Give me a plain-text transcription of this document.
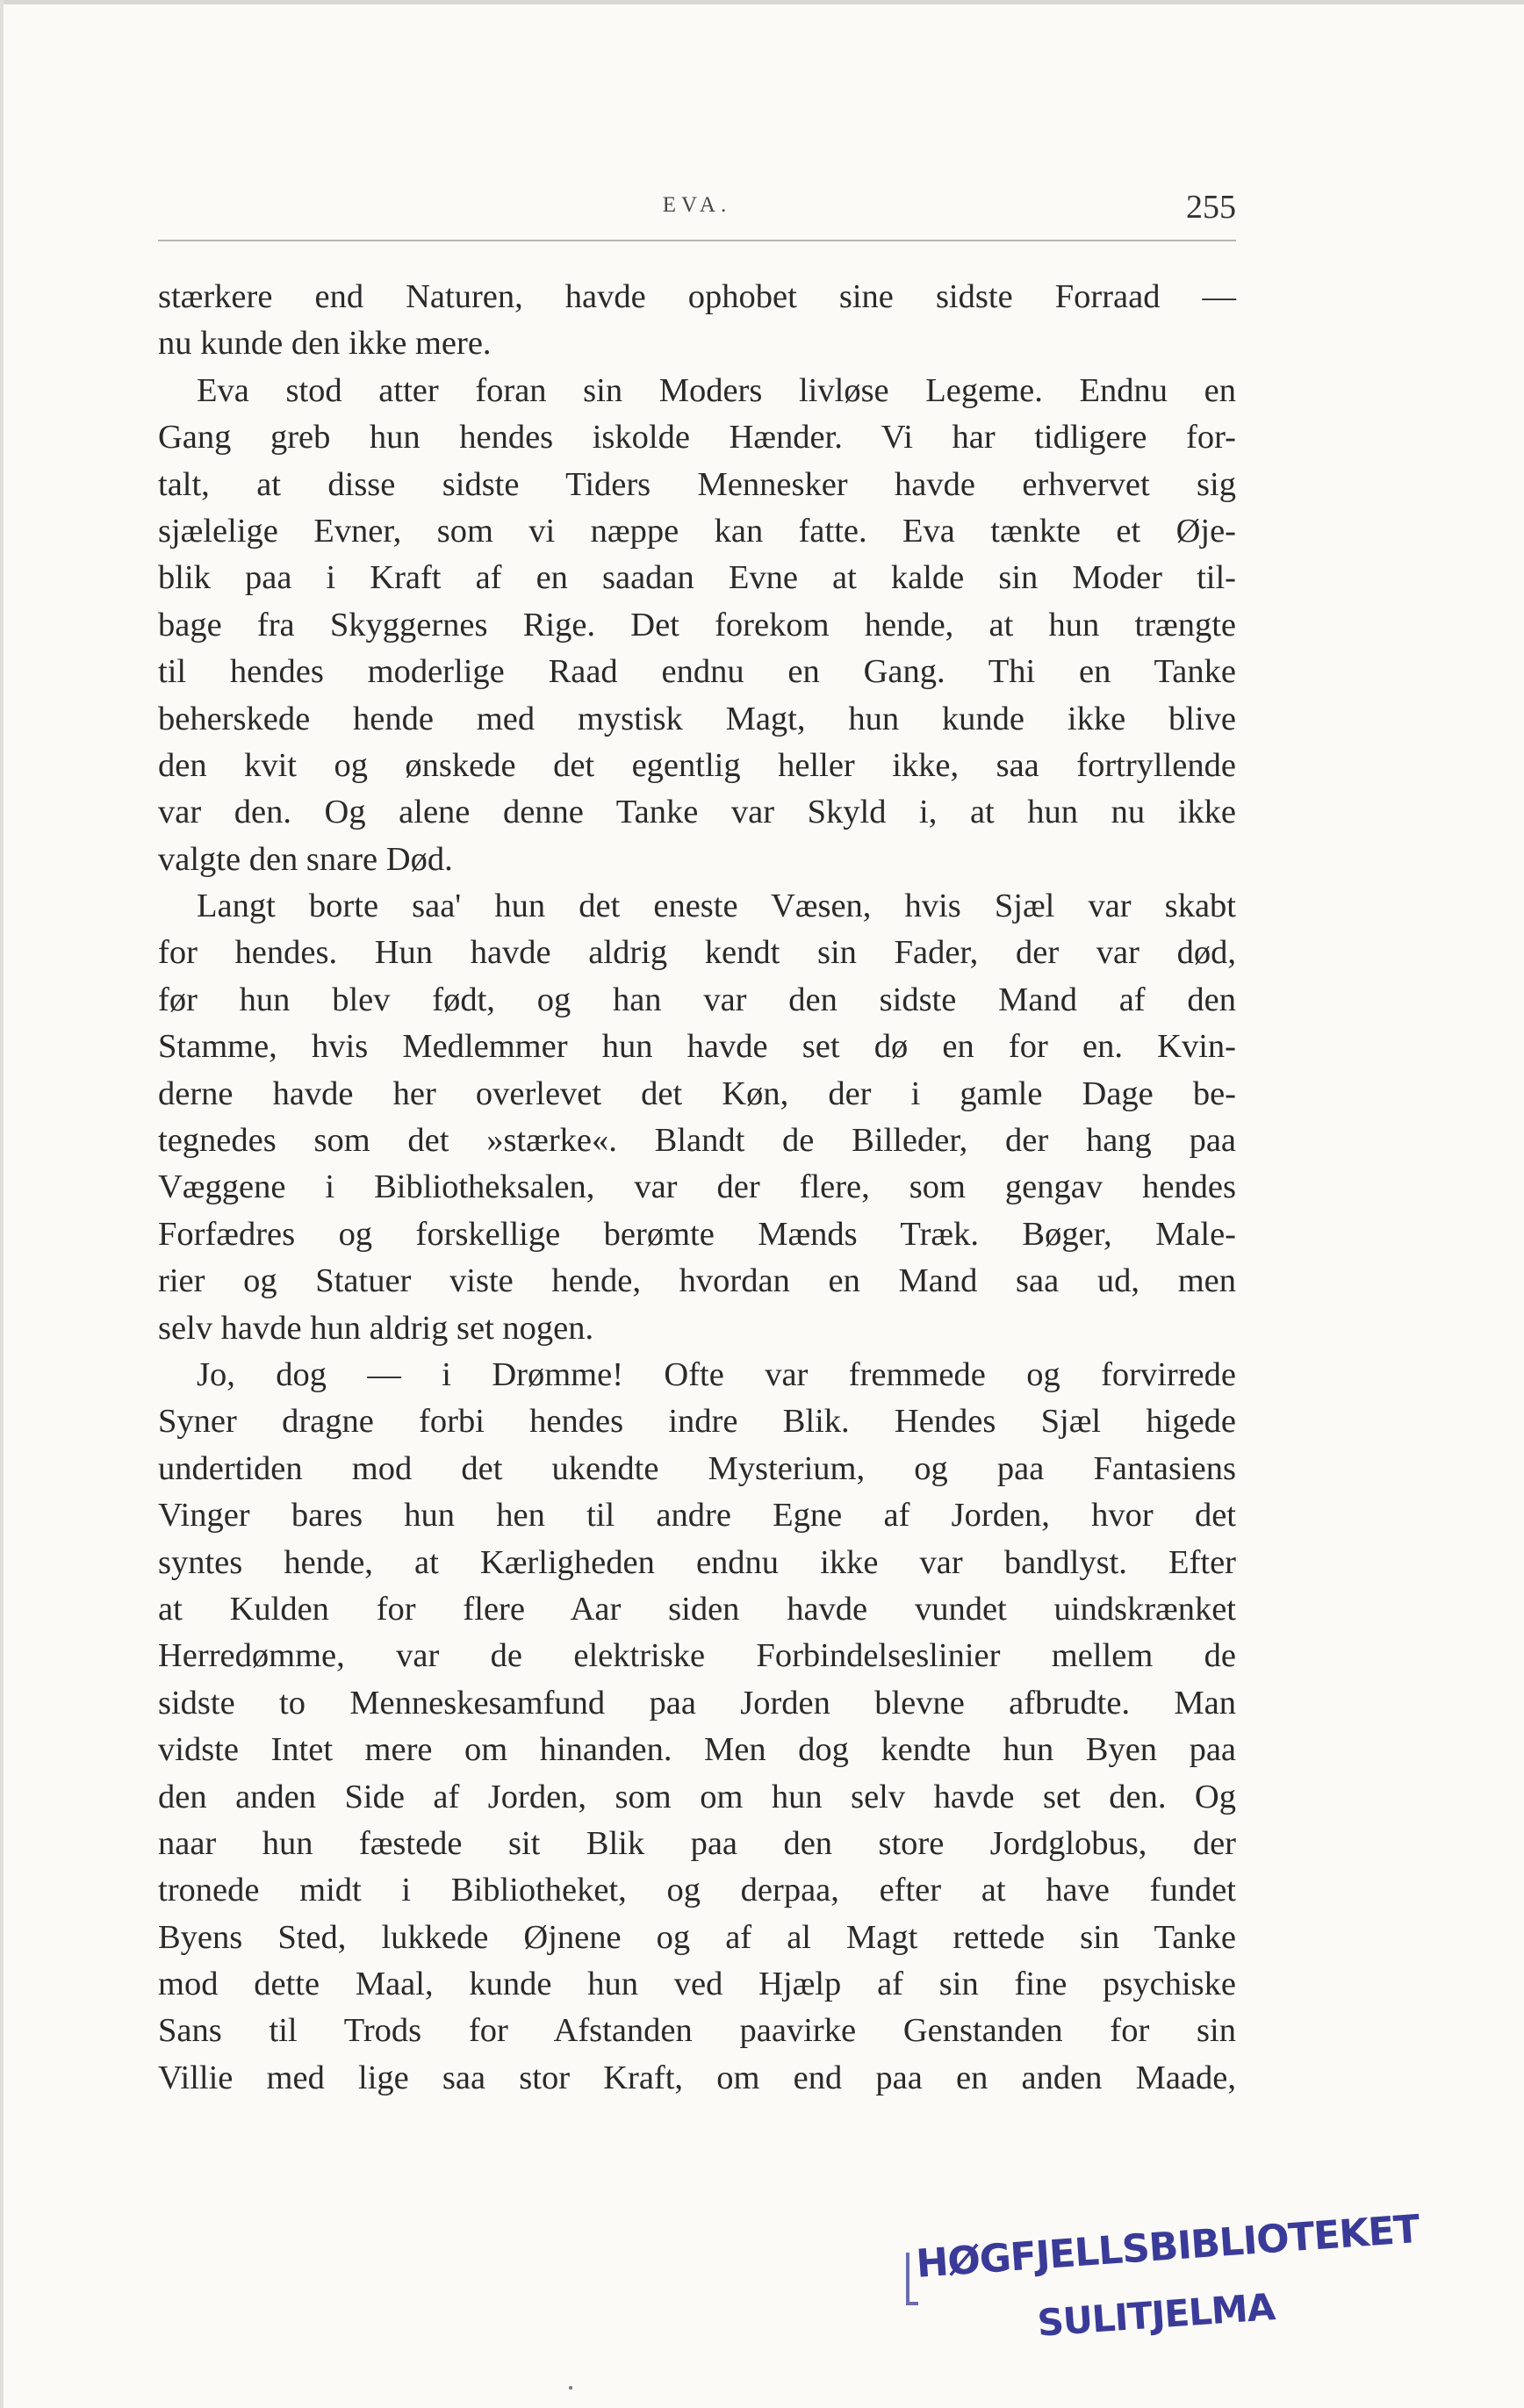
EVA.	255
stærkere end Naturen, havde ophobet sine sidste Forraad —
nu kunde den ikke mere.
Eva stod atter foran sin Moders livløse Legeme. Endnu en
Gang greb hun hendes iskolde Hænder. Vi har tidligere for-
talt, at disse sidste Tiders Mennesker havde erhvervet sig
sjælelige Evner, som vi næppe kan fatte. Eva tænkte et Øje-
blik paa i Kraft af en saadan Evne at kalde sin Moder til-
bage fra Skyggernes Rige. Det forekom hende, at hun trængte
til hendes moderlige Raad endnu en Gang. Thi en Tanke
beherskede hende med mystisk Magt, hun kunde ikke blive
den kvit og ønskede det egentlig heller ikke, saa fortryllende
var den. Og alene denne Tanke var Skyld i, at hun nu ikke
valgte den snare Død.
Langt borte saa' hun det eneste Væsen, hvis Sjæl var skabt
for hendes. Hun havde aldrig kendt sin Fader, der var død,
før hun blev født, og han var den sidste Mand af den
Stamme, hvis Medlemmer hun havde set dø en for en. Kvin-
derne havde her overlevet det Køn, der i gamle Dage be-
tegnedes som det »stærke«. Blandt de Billeder, der hang paa
Væggene i Bibliotheksalen, var der flere, som gengav hendes
Forfædres og forskellige berømte Mænds Træk. Bøger, Male-
rier og Statuer viste hende, hvordan en Mand saa ud, men
selv havde hun aldrig set nogen.
Jo, dog — i Drømme! Ofte var fremmede og forvirrede
Syner dragne forbi hendes indre Blik. Hendes Sjæl higede
undertiden mod det ukendte Mysterium, og paa Fantasiens
Vinger bares hun hen til andre Egne af Jorden, hvor det
syntes hende, at Kærligheden endnu ikke var bandlyst. Efter
at Kulden for flere Aar siden havde vundet uindskrænket
Herredømme, var de elektriske Forbindelseslinier mellem de
sidste to Menneskesamfund paa Jorden blevne afbrudte. Man
vidste Intet mere om hinanden. Men dog kendte hun Byen paa
den anden Side af Jorden, som om hun selv havde set den. Og
naar hun fæstede sit Blik paa den store Jordglobus, der
tronede midt i Bibliotheket, og derpaa, efter at have fundet
Byens Sted, lukkede Øjnene og af al Magt rettede sin Tanke
mod dette Maal, kunde hun ved Hjælp af sin fine psychiske
Sans til Trods for Afstanden paavirke Genstanden for sin
Villie med lige saa stor Kraft, om end paa en anden Maade,
HØGFJELLSBIBLIOTEKET
SULITJELMA
